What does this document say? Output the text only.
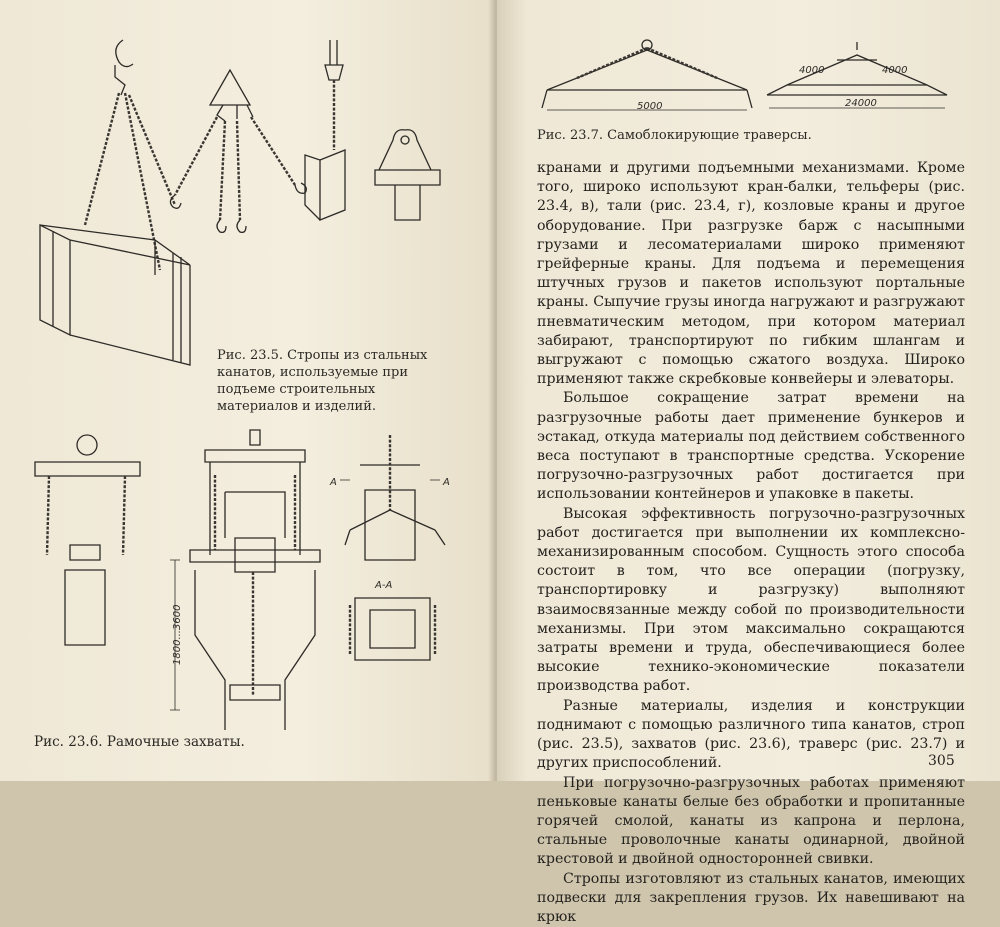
Рис. 23.5. Стропы из стальных канатов, используемые при подъеме строительных материалов и изделий.
1800...3600
А	А
А-А
Рис. 23.6. Рамочные захваты.
5000	24000
4000	4000
Рис. 23.7. Самоблокирующие траверсы.

кранами и другими подъемными механизмами. Кроме того, широко используют кран-балки, тельферы (рис. 23.4, в), тали (рис. 23.4, г), козловые краны и другое оборудование. При разгрузке барж с насыпными грузами и лесоматериалами широко применяют грейферные краны. Для подъема и перемещения штучных грузов и пакетов используют портальные краны. Сыпучие грузы иногда нагружают и разгружают пневматическим методом, при котором материал забирают, транспортируют по гибким шлангам и выгружают с помощью сжатого воздуха. Широко применяют также скребковые конвейеры и элеваторы.

Большое сокращение затрат времени на разгрузочные работы дает применение бункеров и эстакад, откуда материалы под действием собственного веса поступают в транспортные средства. Ускорение погрузочно-разгрузочных работ достигается при использовании контейнеров и упаковке в пакеты.

Высокая эффективность погрузочно-разгрузочных работ достигается при выполнении их комплексно-механизированным способом. Сущность этого способа состоит в том, что все операции (погрузку, транспортировку и разгрузку) выполняют взаимосвязанные между собой по производительности механизмы. При этом максимально сокращаются затраты времени и труда, обеспечивающиеся более высокие технико-экономические показатели производства работ.

Разные материалы, изделия и конструкции поднимают с помощью различного типа канатов, строп (рис. 23.5), захватов (рис. 23.6), траверс (рис. 23.7) и других приспособлений.

При погрузочно-разгрузочных работах применяют пеньковые канаты белые без обработки и пропитанные горячей смолой, канаты из капрона и перлона, стальные проволочные канаты одинарной, двойной крестовой и двойной односторонней свивки.

Стропы изготовляют из стальных канатов, имеющих подвески для закрепления грузов. Их навешивают на крюк

305
